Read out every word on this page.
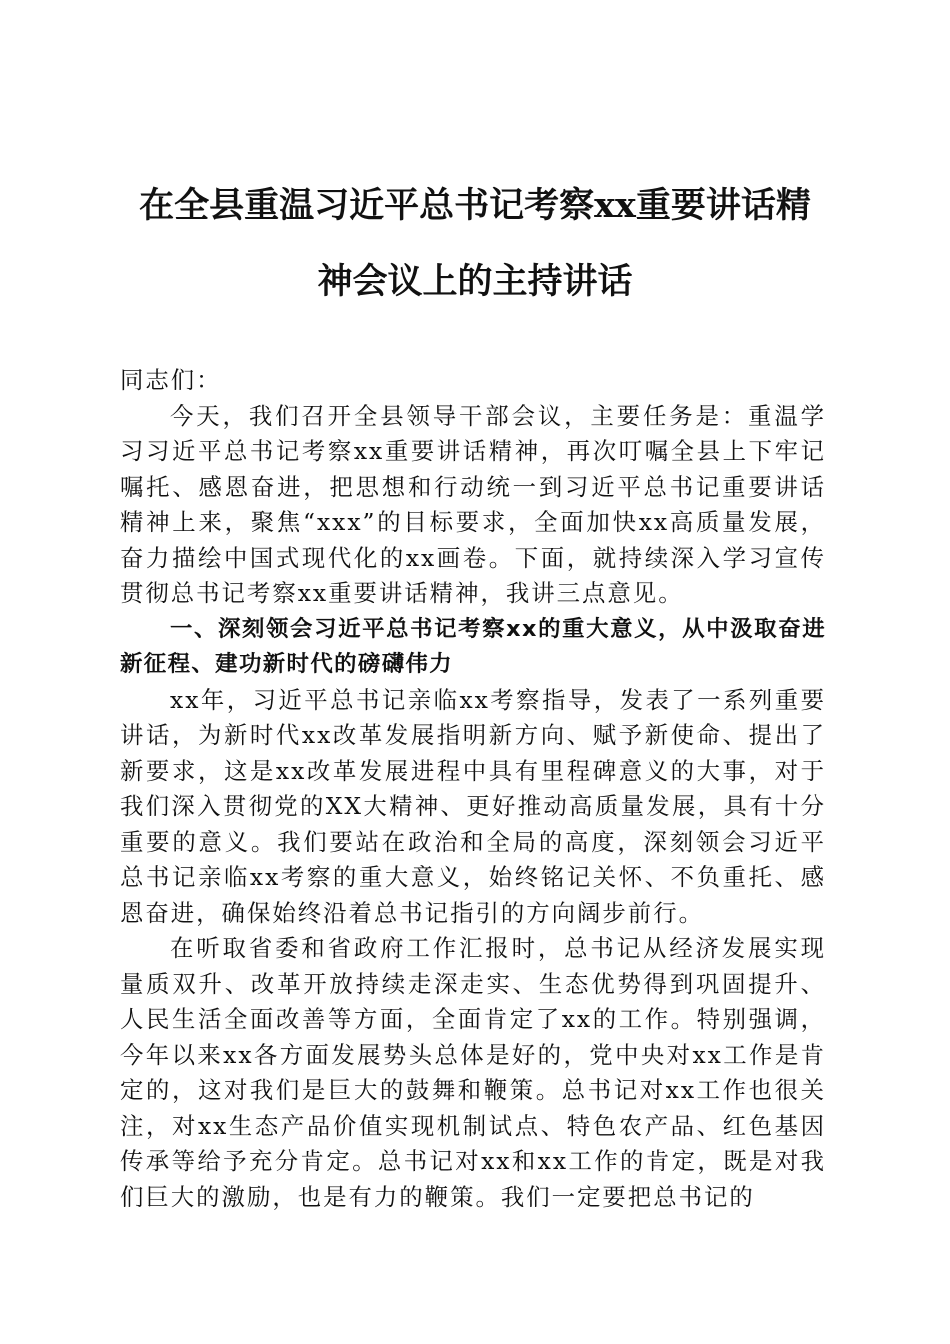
在全县重温习近平总书记考察xx重要讲话精
神会议上的主持讲话

同志们：

今天，我们召开全县领导干部会议，主要任务是：重温学习习近平总书记考察xx重要讲话精神，再次叮嘱全县上下牢记嘱托、感恩奋进，把思想和行动统一到习近平总书记重要讲话精神上来，聚焦“xxx”的目标要求，全面加快xx高质量发展，奋力描绘中国式现代化的xx画卷。下面，就持续深入学习宣传贯彻总书记考察xx重要讲话精神，我讲三点意见。

一、深刻领会习近平总书记考察xx的重大意义，从中汲取奋进新征程、建功新时代的磅礴伟力

xx年，习近平总书记亲临xx考察指导，发表了一系列重要讲话，为新时代xx改革发展指明新方向、赋予新使命、提出了新要求，这是xx改革发展进程中具有里程碑意义的大事，对于我们深入贯彻党的XX大精神、更好推动高质量发展，具有十分重要的意义。我们要站在政治和全局的高度，深刻领会习近平总书记亲临xx考察的重大意义，始终铭记关怀、不负重托、感恩奋进，确保始终沿着总书记指引的方向阔步前行。

在听取省委和省政府工作汇报时，总书记从经济发展实现量质双升、改革开放持续走深走实、生态优势得到巩固提升、人民生活全面改善等方面，全面肯定了xx的工作。特别强调，今年以来xx各方面发展势头总体是好的，党中央对xx工作是肯定的，这对我们是巨大的鼓舞和鞭策。总书记对xx工作也很关注，对xx生态产品价值实现机制试点、特色农产品、红色基因传承等给予充分肯定。总书记对xx和xx工作的肯定，既是对我们巨大的激励，也是有力的鞭策。我们一定要把总书记的
